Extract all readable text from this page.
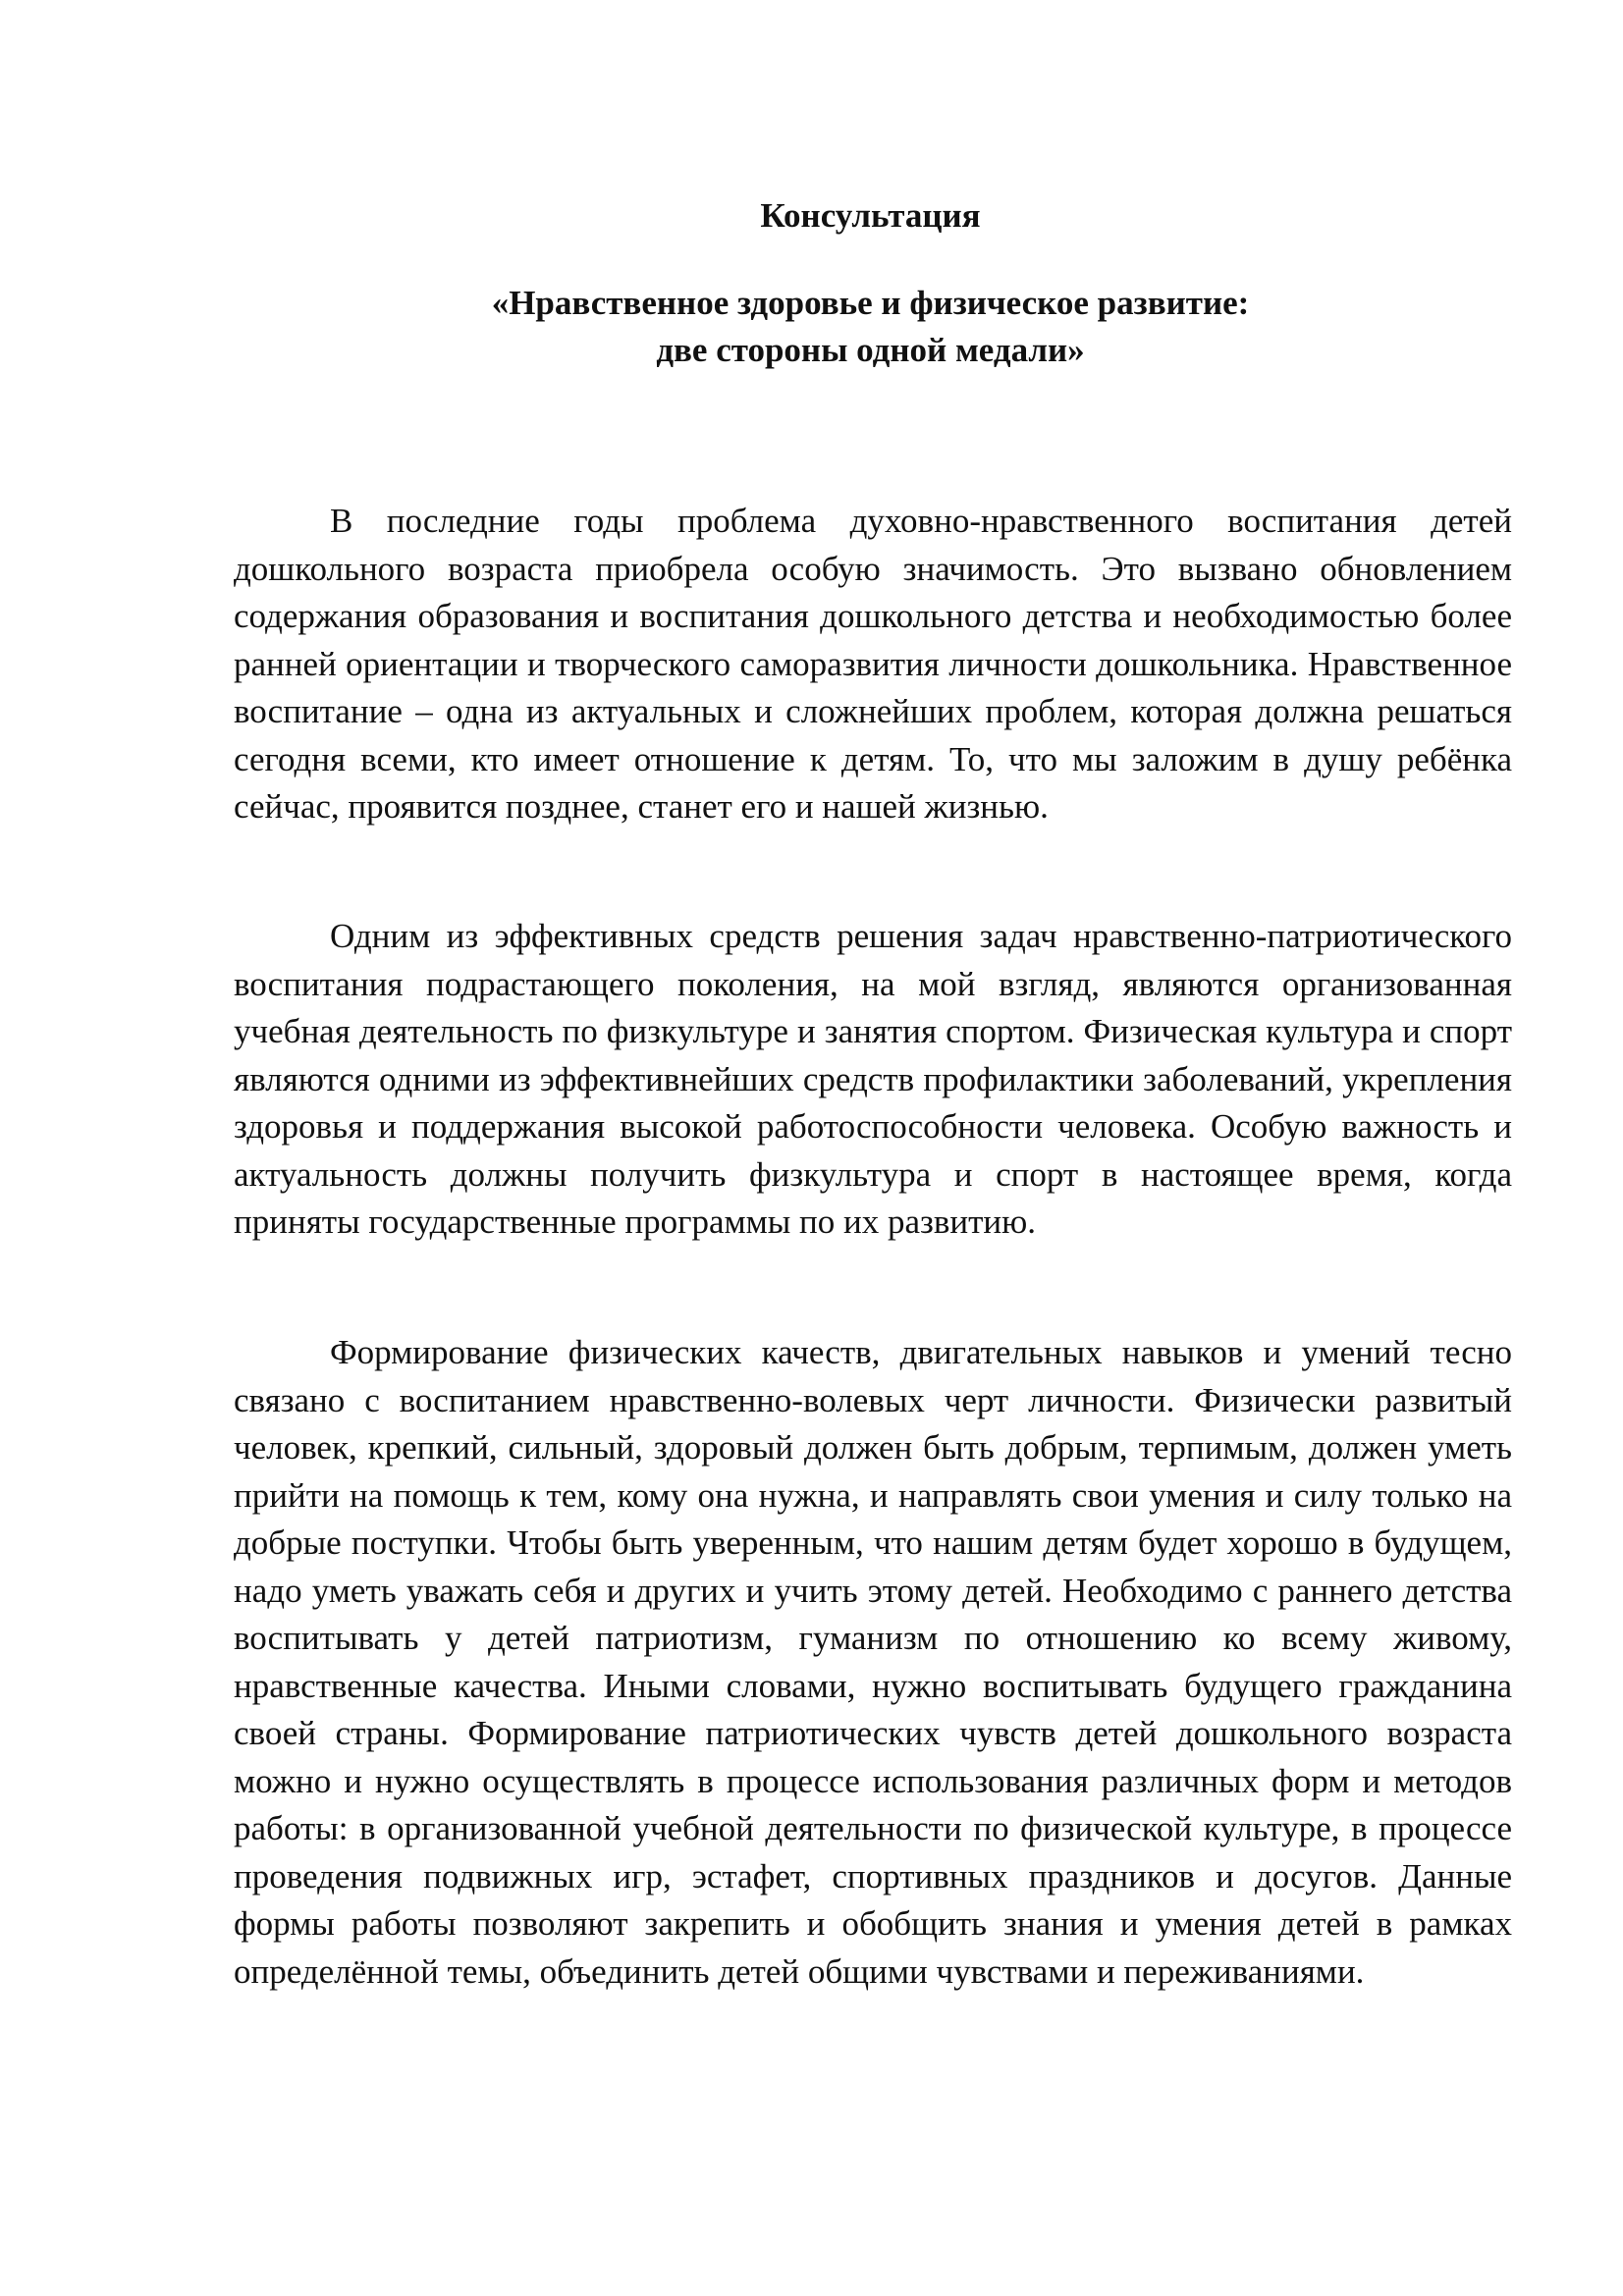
Консультация
«Нравственное здоровье и физическое развитие:
две стороны одной медали»

В последние годы проблема духовно-нравственного воспитания детей дошкольного возраста приобрела особую значимость. Это вызвано обновлением содержания образования и воспитания дошкольного детства и необходимостью более ранней ориентации и творческого саморазвития личности дошкольника. Нравственное воспитание – одна из актуальных и сложнейших проблем, которая должна решаться сегодня всеми, кто имеет отношение к детям. То, что мы заложим в душу ребёнка сейчас, проявится позднее, станет его и нашей жизнью.

Одним из эффективных средств решения задач нравственно-патриотического воспитания подрастающего поколения, на мой взгляд, являются организованная учебная деятельность по физкультуре и занятия спортом. Физическая культура и спорт являются одними из эффективнейших средств профилактики заболеваний, укрепления здоровья и поддержания высокой работоспособности человека. Особую важность и актуальность должны получить физкультура и спорт в настоящее время, когда приняты государственные программы по их развитию.

Формирование физических качеств, двигательных навыков и умений тесно связано с воспитанием нравственно-волевых черт личности. Физически развитый человек, крепкий, сильный, здоровый должен быть добрым, терпимым, должен уметь прийти на помощь к тем, кому она нужна, и направлять свои умения и силу только на добрые поступки. Чтобы быть уверенным, что нашим детям будет хорошо в будущем, надо уметь уважать себя и других и учить этому детей. Необходимо с раннего детства воспитывать у детей патриотизм, гуманизм по отношению ко всему живому, нравственные качества. Иными словами, нужно воспитывать будущего гражданина своей страны. Формирование патриотических чувств детей дошкольного возраста можно и нужно осуществлять в процессе использования различных форм и методов работы: в организованной учебной деятельности по физической культуре, в процессе проведения подвижных игр, эстафет, спортивных праздников и досугов. Данные формы работы позволяют закрепить и обобщить знания и умения детей в рамках определённой темы, объединить детей общими чувствами и переживаниями.
